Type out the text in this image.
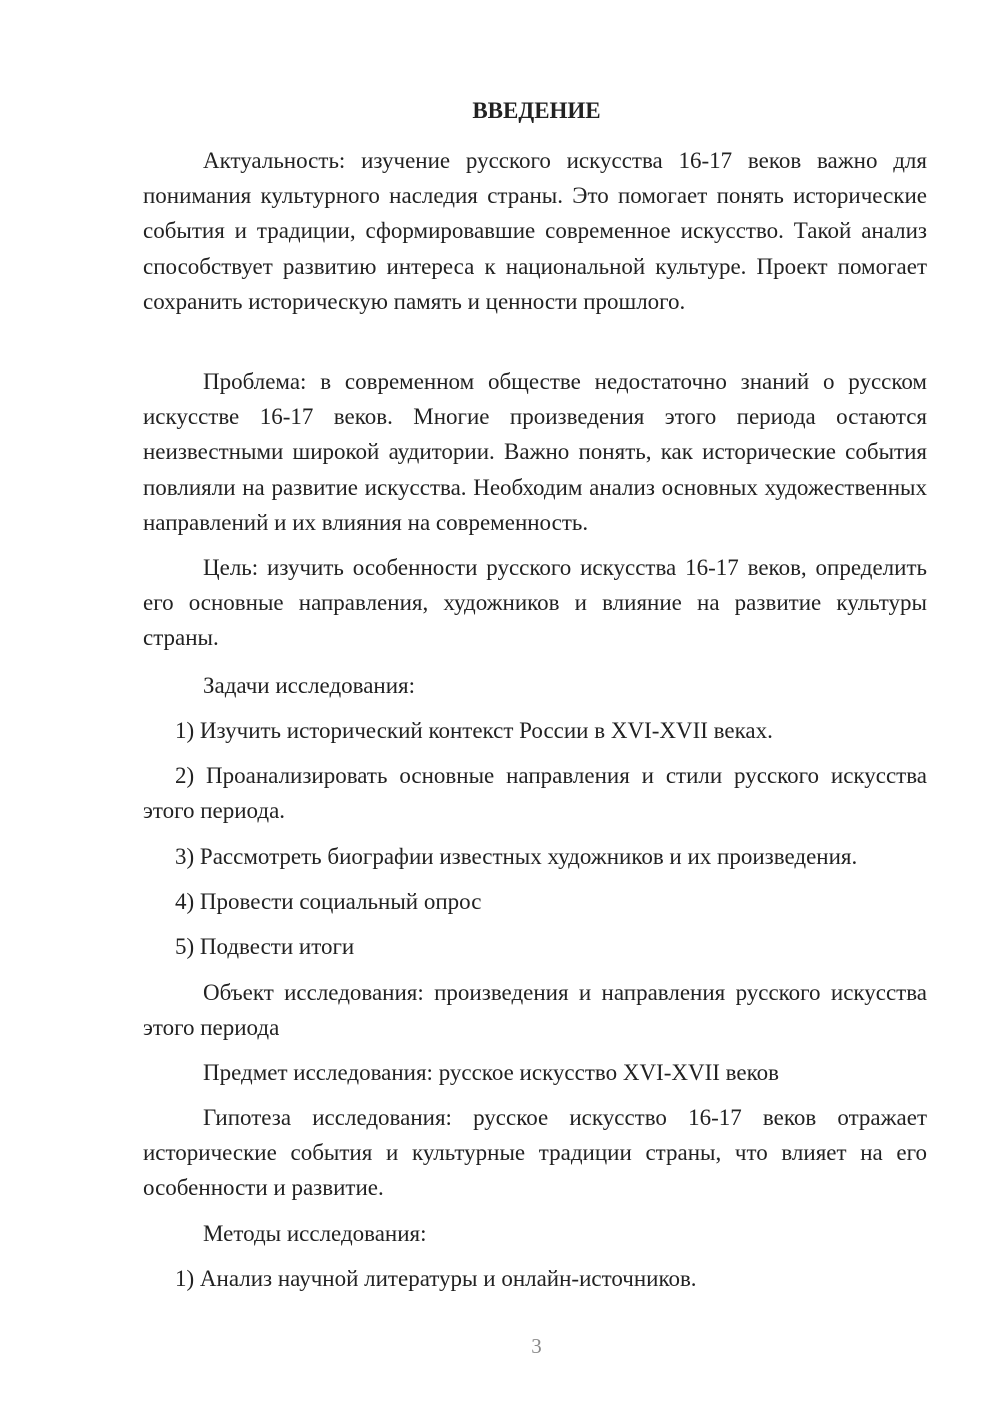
ВВЕДЕНИЕ

Актуальность: изучение русского искусства 16-17 веков важно для понимания культурного наследия страны. Это помогает понять исторические события и традиции, сформировавшие современное искусство. Такой анализ способствует развитию интереса к национальной культуре. Проект помогает сохранить историческую память и ценности прошлого.

Проблема: в современном обществе недостаточно знаний о русском искусстве 16-17 веков. Многие произведения этого периода остаются неизвестными широкой аудитории. Важно понять, как исторические события повлияли на развитие искусства. Необходим анализ основных художественных направлений и их влияния на современность.

Цель: изучить особенности русского искусства 16-17 веков, определить его основные направления, художников и влияние на развитие культуры страны.

Задачи исследования:

1) Изучить исторический контекст России в XVI-XVII веках.

2) Проанализировать основные направления и стили русского искусства этого периода.

3) Рассмотреть биографии известных художников и их произведения.

4) Провести социальный опрос

5) Подвести итоги

Объект исследования: произведения и направления русского искусства этого периода

Предмет исследования: русское искусство XVI-XVII веков

Гипотеза исследования: русское искусство 16-17 веков отражает исторические события и культурные традиции страны, что влияет на его особенности и развитие.

Методы исследования:

1) Анализ научной литературы и онлайн-источников.

3
